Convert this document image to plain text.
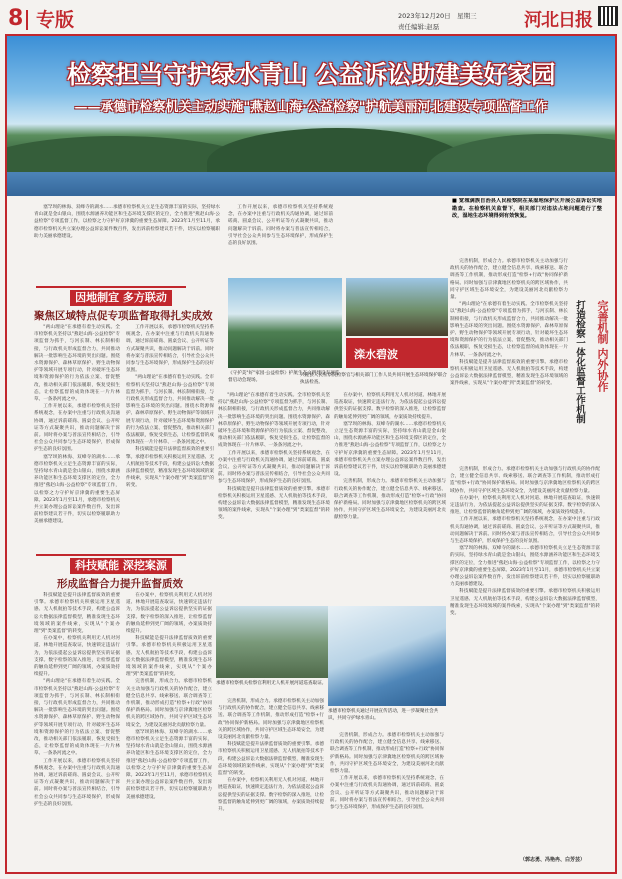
8 专版	2023年12月20日　星期三
责任编辑:赵磊	河北日报
检察担当守护绿水青山 公益诉讼助建美好家园
——承德市检察机关主动实施"燕赵山海·公益检察"护航美丽河北建设专项监督工作

塞罕坝的林海、双峰寺的湖水……承德市检察机关立足生态资源丰富的实际，坚持绿水青山就是金山银山，围绕水源涵养功能区和生态环境支撑区的定位，全力推进"燕赵山海·公益检察"专项监督工作，以检察之力守护好京津冀的重要生态屏障。2023年1月至11月，承德市检察机关共立案办理公益诉讼案件数百件，发出诉前检察建议若干件，切实以检察履职助力美丽承德建设。

工作开展以来，承德市检察机关坚持系统观念，在办案中注重与行政机关沟通协调，通过诉前磋商、圆桌会议、公开听证等方式凝聚共识，推动问题解决于诉前。同时将办案与普法宣传相结合，引导社会公众共同参与生态环境保护，形成保护生态的良好氛围。

因地制宜 多方联动
聚焦区域特点促专项监督取得扎实成效

"两山理论"在承德有着生动实践。全市检察机关坚持以"燕赵山海·公益检察"专项监督为抓手，与河长制、林长制相衔接，与行政机关形成监督合力，共同推动解决一批影响生态环境的突出问题。围绕水资源保护、森林草原保护、野生动物保护等领域开展专项行动，针对破坏生态环境和资源保护的行为依法立案、督促整改，推动相关部门依法履职，恢复受损生态，让检察监督的成效体现在一片片林草、一条条河流之中。

工作开展以来，承德市检察机关坚持系统观念，在办案中注重与行政机关沟通协调，通过诉前磋商、圆桌会议、公开听证等方式凝聚共识，推动问题解决于诉前。同时将办案与普法宣传相结合，引导社会公众共同参与生态环境保护，形成保护生态的良好氛围。

塞罕坝的林海、双峰寺的湖水……承德市检察机关立足生态资源丰富的实际，坚持绿水青山就是金山银山，围绕水源涵养功能区和生态环境支撑区的定位，全力推进"燕赵山海·公益检察"专项监督工作，以检察之力守护好京津冀的重要生态屏障。2023年1月至11月，承德市检察机关共立案办理公益诉讼案件数百件，发出诉前检察建议若干件，切实以检察履职助力美丽承德建设。

工作开展以来，承德市检察机关坚持系统观念，在办案中注重与行政机关沟通协调，通过诉前磋商、圆桌会议、公开听证等方式凝聚共识，推动问题解决于诉前。同时将办案与普法宣传相结合，引导社会公众共同参与生态环境保护，形成保护生态的良好氛围。

"两山理论"在承德有着生动实践。全市检察机关坚持以"燕赵山海·公益检察"专项监督为抓手，与河长制、林长制相衔接，与行政机关形成监督合力，共同推动解决一批影响生态环境的突出问题。围绕水资源保护、森林草原保护、野生动物保护等领域开展专项行动，针对破坏生态环境和资源保护的行为依法立案、督促整改，推动相关部门依法履职，恢复受损生态，让检察监督的成效体现在一片片林草、一条条河流之中。

科技赋能是提升法律监督质效的重要引擎。承德市检察机关积极运用卫星遥感、无人机航拍等技术手段，构建公益诉讼大数据法律监督模型，精准发现生态环境领域的案件线索，实现从"个案办理"到"类案监督"的转变。

《守护美"好"家园·公益检察》护航生态文明建设专项监督启动会现场。
滦水碧波
兴隆县人民检察院检察官与相关部门工作人员共同开展生态环境保护联合执法检查。

"两山理论"在承德有着生动实践。全市检察机关坚持以"燕赵山海·公益检察"专项监督为抓手，与河长制、林长制相衔接，与行政机关形成监督合力，共同推动解决一批影响生态环境的突出问题。围绕水资源保护、森林草原保护、野生动物保护等领域开展专项行动，针对破坏生态环境和资源保护的行为依法立案、督促整改，推动相关部门依法履职，恢复受损生态，让检察监督的成效体现在一片片林草、一条条河流之中。

工作开展以来，承德市检察机关坚持系统观念，在办案中注重与行政机关沟通协调，通过诉前磋商、圆桌会议、公开听证等方式凝聚共识，推动问题解决于诉前。同时将办案与普法宣传相结合，引导社会公众共同参与生态环境保护，形成保护生态的良好氛围。

科技赋能是提升法律监督质效的重要引擎。承德市检察机关积极运用卫星遥感、无人机航拍等技术手段，构建公益诉讼大数据法律监督模型，精准发现生态环境领域的案件线索，实现从"个案办理"到"类案监督"的转变。

在办案中，检察机关利用无人机对河道、林地开展巡查取证，快速锁定违法行为，为依法提起公益诉讼提供坚实的证据支撑。数字检察的深入推进，让检察监督的触角延伸到更广阔的领域，办案质效持续提升。

塞罕坝的林海、双峰寺的湖水……承德市检察机关立足生态资源丰富的实际，坚持绿水青山就是金山银山，围绕水源涵养功能区和生态环境支撑区的定位，全力推进"燕赵山海·公益检察"专项监督工作，以检察之力守护好京津冀的重要生态屏障。2023年1月至11月，承德市检察机关共立案办理公益诉讼案件数百件，发出诉前检察建议若干件，切实以检察履职助力美丽承德建设。

完善机制，形成合力。承德市检察机关主动加强与行政机关的协作配合，建立健全信息共享、线索移送、联合调查等工作机制，推动形成打造"检察+行政"协同保护新格局。同时加强与京津冀地区检察机关的跨区域协作，共同守护区域生态环境安全，为建设美丽河北贡献检察力量。

科技赋能 深挖案源
形成监督合力提升监督质效

科技赋能是提升法律监督质效的重要引擎。承德市检察机关积极运用卫星遥感、无人机航拍等技术手段，构建公益诉讼大数据法律监督模型，精准发现生态环境领域的案件线索，实现从"个案办理"到"类案监督"的转变。

在办案中，检察机关利用无人机对河道、林地开展巡查取证，快速锁定违法行为，为依法提起公益诉讼提供坚实的证据支撑。数字检察的深入推进，让检察监督的触角延伸到更广阔的领域，办案质效持续提升。

"两山理论"在承德有着生动实践。全市检察机关坚持以"燕赵山海·公益检察"专项监督为抓手，与河长制、林长制相衔接，与行政机关形成监督合力，共同推动解决一批影响生态环境的突出问题。围绕水资源保护、森林草原保护、野生动物保护等领域开展专项行动，针对破坏生态环境和资源保护的行为依法立案、督促整改，推动相关部门依法履职，恢复受损生态，让检察监督的成效体现在一片片林草、一条条河流之中。

工作开展以来，承德市检察机关坚持系统观念，在办案中注重与行政机关沟通协调，通过诉前磋商、圆桌会议、公开听证等方式凝聚共识，推动问题解决于诉前。同时将办案与普法宣传相结合，引导社会公众共同参与生态环境保护，形成保护生态的良好氛围。

在办案中，检察机关利用无人机对河道、林地开展巡查取证，快速锁定违法行为，为依法提起公益诉讼提供坚实的证据支撑。数字检察的深入推进，让检察监督的触角延伸到更广阔的领域，办案质效持续提升。

科技赋能是提升法律监督质效的重要引擎。承德市检察机关积极运用卫星遥感、无人机航拍等技术手段，构建公益诉讼大数据法律监督模型，精准发现生态环境领域的案件线索，实现从"个案办理"到"类案监督"的转变。

完善机制，形成合力。承德市检察机关主动加强与行政机关的协作配合，建立健全信息共享、线索移送、联合调查等工作机制，推动形成打造"检察+行政"协同保护新格局。同时加强与京津冀地区检察机关的跨区域协作，共同守护区域生态环境安全，为建设美丽河北贡献检察力量。

塞罕坝的林海、双峰寺的湖水……承德市检察机关立足生态资源丰富的实际，坚持绿水青山就是金山银山，围绕水源涵养功能区和生态环境支撑区的定位，全力推进"燕赵山海·公益检察"专项监督工作，以检察之力守护好京津冀的重要生态屏障。2023年1月至11月，承德市检察机关共立案办理公益诉讼案件数百件，发出诉前检察建议若干件，切实以检察履职助力美丽承德建设。

承德市检察机关检察官利用无人机开展河道巡查取证。

完善机制，形成合力。承德市检察机关主动加强与行政机关的协作配合，建立健全信息共享、线索移送、联合调查等工作机制，推动形成打造"检察+行政"协同保护新格局。同时加强与京津冀地区检察机关的跨区域协作，共同守护区域生态环境安全，为建设美丽河北贡献检察力量。

科技赋能是提升法律监督质效的重要引擎。承德市检察机关积极运用卫星遥感、无人机航拍等技术手段，构建公益诉讼大数据法律监督模型，精准发现生态环境领域的案件线索，实现从"个案办理"到"类案监督"的转变。

在办案中，检察机关利用无人机对河道、林地开展巡查取证，快速锁定违法行为，为依法提起公益诉讼提供坚实的证据支撑。数字检察的深入推进，让检察监督的触角延伸到更广阔的领域，办案质效持续提升。

承德市检察机关通过开展宣传活动，进一步凝聚社会共识，共同守护绿水青山。

完善机制，形成合力。承德市检察机关主动加强与行政机关的协作配合，建立健全信息共享、线索移送、联合调查等工作机制，推动形成打造"检察+行政"协同保护新格局。同时加强与京津冀地区检察机关的跨区域协作，共同守护区域生态环境安全，为建设美丽河北贡献检察力量。

工作开展以来，承德市检察机关坚持系统观念，在办案中注重与行政机关沟通协调，通过诉前磋商、圆桌会议、公开听证等方式凝聚共识，推动问题解决于诉前。同时将办案与普法宣传相结合，引导社会公众共同参与生态环境保护，形成保护生态的良好氛围。

■ 宽城满族自治县人民检察院在某湿地保护区开展公益诉讼实地勘查。在检察机关监督下，相关部门对违法占地问题进行了整改，湿地生态环境得到有效恢复。
完善机制 内外协作
打造检察一体化监督工作机制

完善机制，形成合力。承德市检察机关主动加强与行政机关的协作配合，建立健全信息共享、线索移送、联合调查等工作机制，推动形成打造"检察+行政"协同保护新格局。同时加强与京津冀地区检察机关的跨区域协作，共同守护区域生态环境安全，为建设美丽河北贡献检察力量。

"两山理论"在承德有着生动实践。全市检察机关坚持以"燕赵山海·公益检察"专项监督为抓手，与河长制、林长制相衔接，与行政机关形成监督合力，共同推动解决一批影响生态环境的突出问题。围绕水资源保护、森林草原保护、野生动物保护等领域开展专项行动，针对破坏生态环境和资源保护的行为依法立案、督促整改，推动相关部门依法履职，恢复受损生态，让检察监督的成效体现在一片片林草、一条条河流之中。

科技赋能是提升法律监督质效的重要引擎。承德市检察机关积极运用卫星遥感、无人机航拍等技术手段，构建公益诉讼大数据法律监督模型，精准发现生态环境领域的案件线索，实现从"个案办理"到"类案监督"的转变。

完善机制，形成合力。承德市检察机关主动加强与行政机关的协作配合，建立健全信息共享、线索移送、联合调查等工作机制，推动形成打造"检察+行政"协同保护新格局。同时加强与京津冀地区检察机关的跨区域协作，共同守护区域生态环境安全，为建设美丽河北贡献检察力量。

在办案中，检察机关利用无人机对河道、林地开展巡查取证，快速锁定违法行为，为依法提起公益诉讼提供坚实的证据支撑。数字检察的深入推进，让检察监督的触角延伸到更广阔的领域，办案质效持续提升。

工作开展以来，承德市检察机关坚持系统观念，在办案中注重与行政机关沟通协调，通过诉前磋商、圆桌会议、公开听证等方式凝聚共识，推动问题解决于诉前。同时将办案与普法宣传相结合，引导社会公众共同参与生态环境保护，形成保护生态的良好氛围。

塞罕坝的林海、双峰寺的湖水……承德市检察机关立足生态资源丰富的实际，坚持绿水青山就是金山银山，围绕水源涵养功能区和生态环境支撑区的定位，全力推进"燕赵山海·公益检察"专项监督工作，以检察之力守护好京津冀的重要生态屏障。2023年1月至11月，承德市检察机关共立案办理公益诉讼案件数百件，发出诉前检察建议若干件，切实以检察履职助力美丽承德建设。

科技赋能是提升法律监督质效的重要引擎。承德市检察机关积极运用卫星遥感、无人机航拍等技术手段，构建公益诉讼大数据法律监督模型，精准发现生态环境领域的案件线索，实现从"个案办理"到"类案监督"的转变。

（郭志勇、冯艳冉、白芳芸）
